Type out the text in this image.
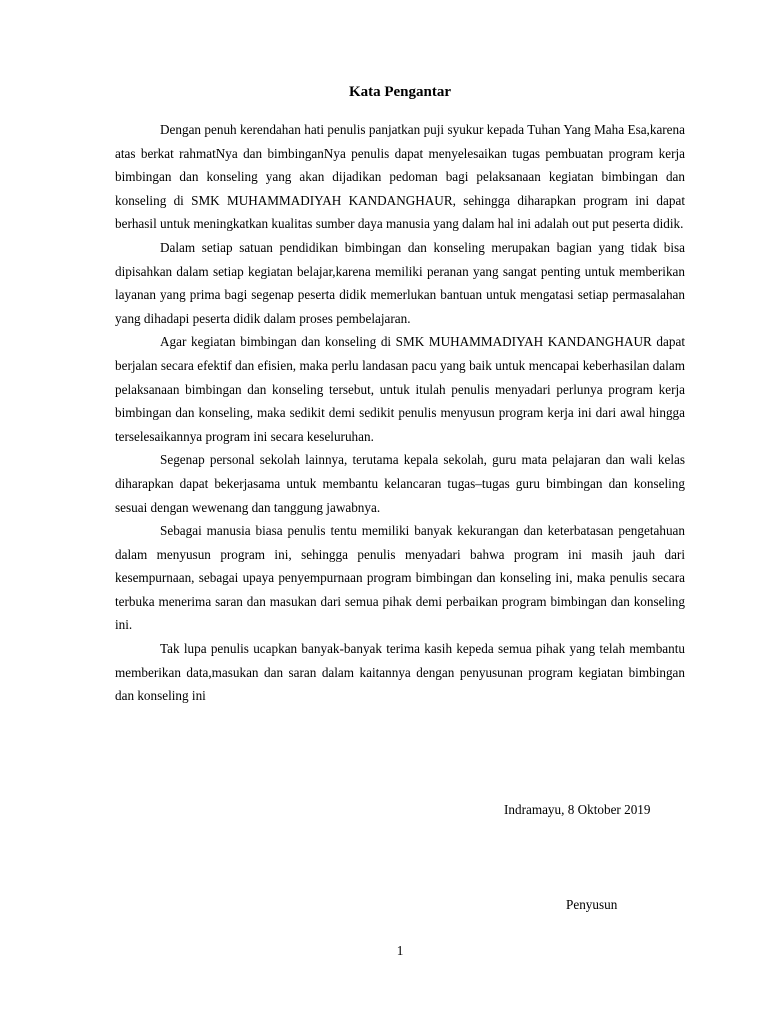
Kata Pengantar

Dengan penuh kerendahan hati penulis panjatkan puji syukur kepada Tuhan Yang Maha Esa,karena atas berkat rahmatNya dan bimbinganNya penulis dapat menyelesaikan tugas pembuatan program kerja bimbingan dan konseling yang akan dijadikan pedoman bagi pelaksanaan kegiatan bimbingan dan konseling di SMK MUHAMMADIYAH KANDANGHAUR, sehingga diharapkan program ini dapat berhasil untuk meningkatkan kualitas sumber daya manusia yang dalam hal ini adalah out put peserta didik.

Dalam setiap satuan pendidikan bimbingan dan konseling merupakan bagian yang tidak bisa dipisahkan dalam setiap kegiatan belajar,karena memiliki peranan yang sangat penting untuk memberikan layanan yang prima bagi segenap peserta didik memerlukan bantuan untuk mengatasi setiap permasalahan yang dihadapi peserta didik dalam proses pembelajaran.

Agar kegiatan bimbingan dan konseling di SMK MUHAMMADIYAH KANDANGHAUR dapat berjalan secara efektif dan efisien, maka perlu landasan pacu yang baik untuk mencapai keberhasilan dalam pelaksanaan bimbingan dan konseling tersebut, untuk itulah penulis menyadari perlunya program kerja bimbingan dan konseling, maka sedikit demi sedikit penulis menyusun program kerja ini dari awal hingga terselesaikannya program ini secara keseluruhan.

Segenap personal sekolah lainnya, terutama kepala sekolah, guru mata pelajaran dan wali kelas diharapkan dapat bekerjasama untuk membantu kelancaran tugas–tugas guru bimbingan dan konseling sesuai dengan wewenang dan tanggung jawabnya.

Sebagai manusia biasa penulis tentu memiliki banyak kekurangan dan keterbatasan pengetahuan dalam menyusun program ini, sehingga penulis menyadari bahwa program ini masih jauh dari kesempurnaan, sebagai upaya penyempurnaan program bimbingan dan konseling ini, maka penulis secara terbuka menerima saran dan masukan dari semua pihak demi perbaikan program bimbingan dan konseling ini.

Tak lupa penulis ucapkan banyak-banyak terima kasih kepeda semua pihak yang telah membantu memberikan data,masukan dan saran dalam kaitannya dengan penyusunan program kegiatan bimbingan dan konseling ini

Indramayu, 8 Oktober 2019
Penyusun
1
